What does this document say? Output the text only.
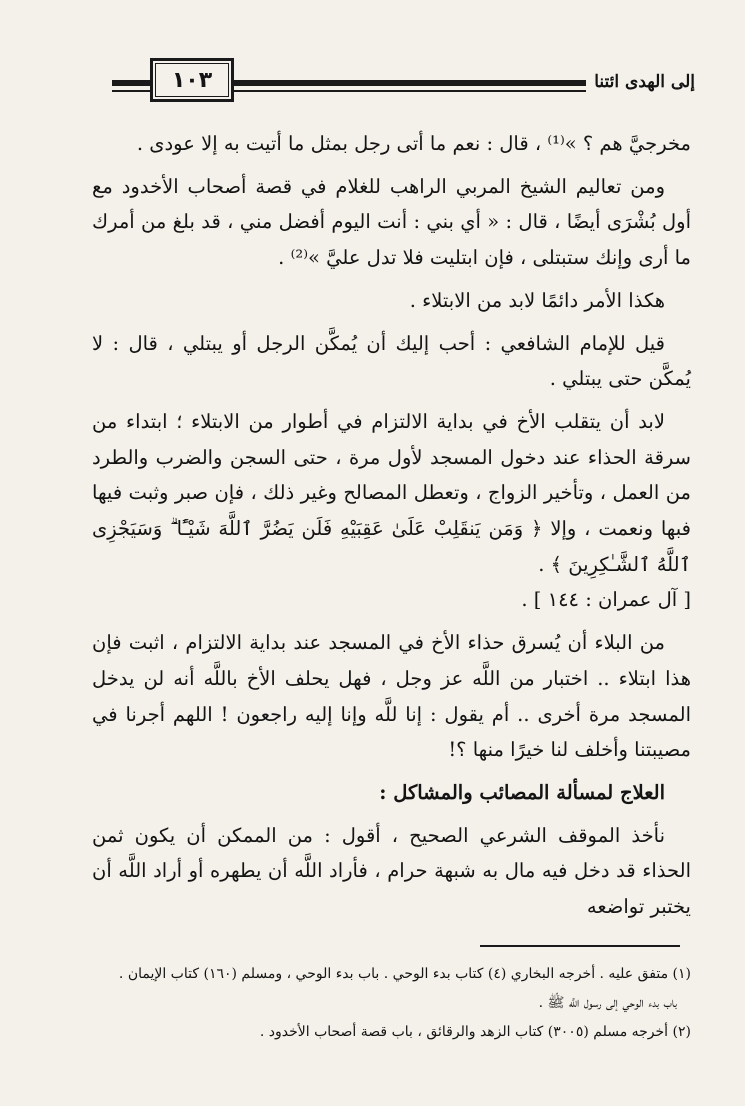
١٠٣	إلى الهدى ائتنا

مخرجيَّ هم ؟ »⁽¹⁾ ، قال : نعم ما أتى رجل بمثل ما أتيت به إلا عودى .

ومن تعاليم الشيخ المربي الراهب للغلام في قصة أصحاب الأخدود مع أول بُشْرَى أيضًا ، قال : « أي بني : أنت اليوم أفضل مني ، قد بلغ من أمرك ما أرى وإنك ستبتلى ، فإن ابتليت فلا تدل عليَّ »⁽²⁾ .

هكذا الأمر دائمًا لابد من الابتلاء .

قيل للإمام الشافعي : أحب إليك أن يُمكَّن الرجل أو يبتلي ، قال : لا يُمكَّن حتى يبتلي .

لابد أن يتقلب الأخ في بداية الالتزام في أطوار من الابتلاء ؛ ابتداء من سرقة الحذاء عند دخول المسجد لأول مرة ، حتى السجن والضرب والطرد من العمل ، وتأخير الزواج ، وتعطل المصالح وغير ذلك ، فإن صبر وثبت فيها فبها ونعمت ، وإلا ﴿ وَمَن يَنقَلِبْ عَلَىٰ عَقِبَيْهِ فَلَن يَضُرَّ ٱللَّهَ شَيْـًٔا ۗ وَسَيَجْزِى ٱللَّهُ ٱلشَّـٰكِرِينَ ﴾ .

[ آل عمران : ١٤٤ ] .

من البلاء أن يُسرق حذاء الأخ في المسجد عند بداية الالتزام ، اثبت فإن هذا ابتلاء .. اختبار من اللَّه عز وجل ، فهل يحلف الأخ باللَّه أنه لن يدخل المسجد مرة أخرى .. أم يقول : إنا للَّه وإنا إليه راجعون ! اللهم أجرنا في مصيبتنا وأخلف لنا خيرًا منها ؟!

العلاج لمسألة المصائب والمشاكل :

نأخذ الموقف الشرعي الصحيح ، أقول : من الممكن أن يكون ثمن الحذاء قد دخل فيه مال به شبهة حرام ، فأراد اللَّه أن يطهره أو أراد اللَّه أن يختبر تواضعه

(١) متفق عليه . أخرجه البخاري (٤) كتاب بدء الوحي . باب بدء الوحي ، ومسلم (١٦٠) كتاب الإيمان .

باب بدء الوحي إلى رسول اللَّه ﷺ .

(٢) أخرجه مسلم (٣٠٠٥) كتاب الزهد والرقائق ، باب قصة أصحاب الأخدود .
